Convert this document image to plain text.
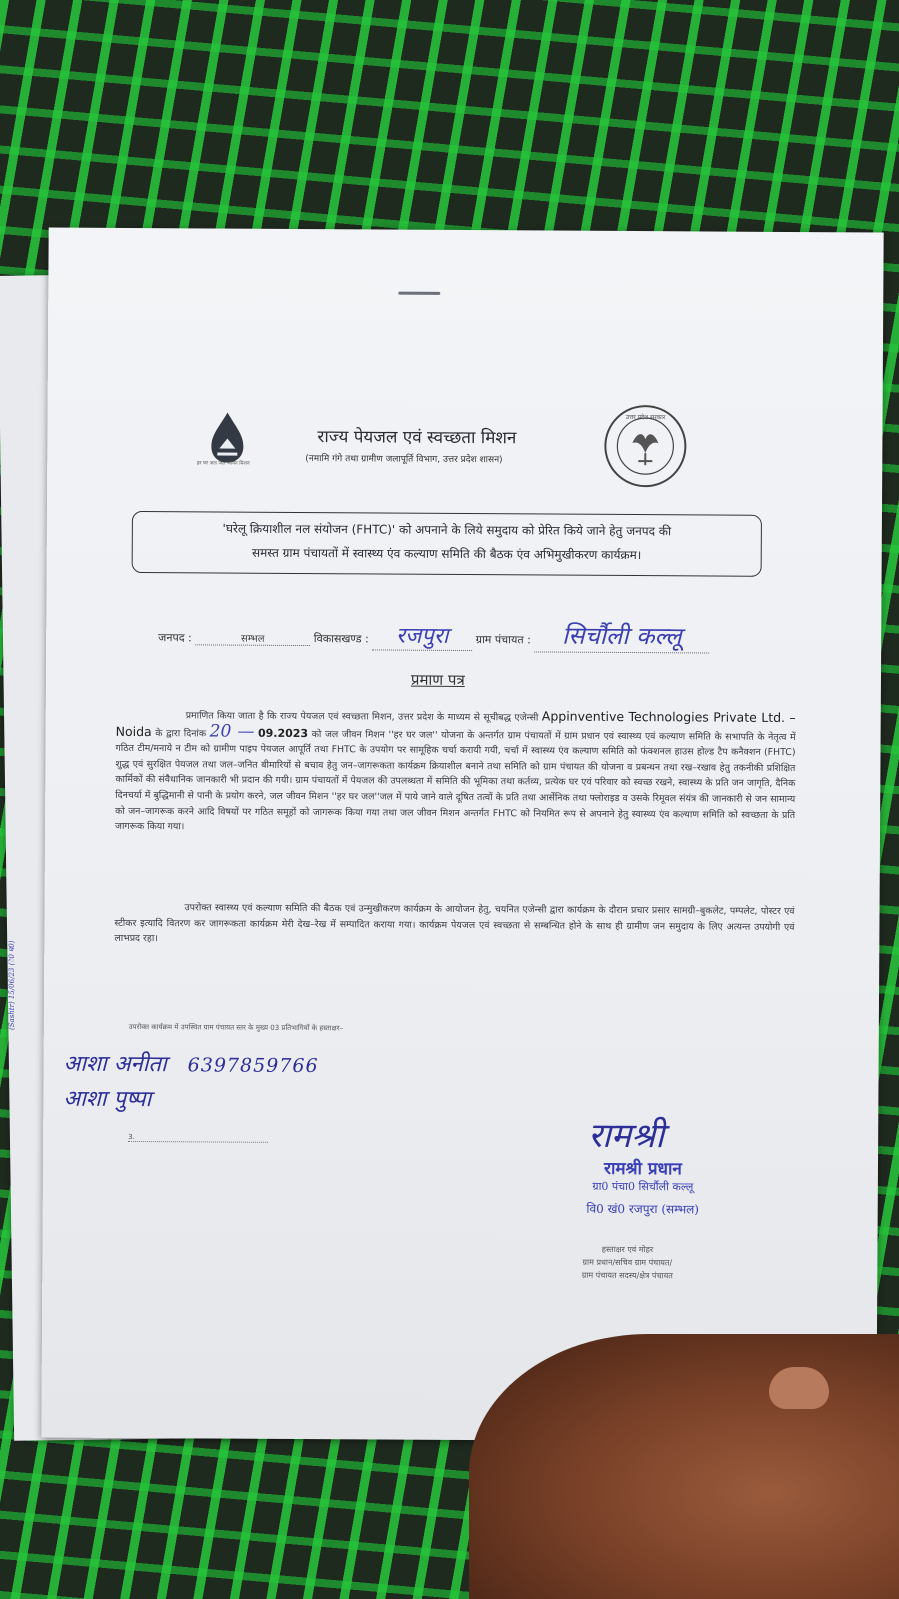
हर घर जल जल जीवन मिशन
राज्य पेयजल एवं स्वच्छता मिशन
(नमामि गंगे तथा ग्रामीण जलापूर्ति विभाग, उत्तर प्रदेश शासन)
उत्तर प्रदेश सरकार
'घरेलू क्रियाशील नल संयोजन (FHTC)' को अपनाने के लिये समुदाय को प्रेरित किये जाने हेतु जनपद की
समस्त ग्राम पंचायतों में स्वास्थ्य एंव कल्याण समिति की बैठक एंव अभिमुखीकरण कार्यक्रम।
जनपद :	सम्भल	विकासखण्ड : रजपुरा ग्राम पंचायत : सिर्चौली कल्लू
प्रमाण पत्र
प्रमाणित किया जाता है कि राज्य पेयजल एवं स्वच्छता मिशन, उत्तर प्रदेश के माध्यम से सूचीबद्ध एजेन्सी Appinventive Technologies Private Ltd. – Noida के द्वारा दिनांक 20 — 09.2023 को जल जीवन मिशन ''हर घर जल'' योजना के अन्तर्गत ग्राम पंचायतों में ग्राम प्रधान एवं स्वास्थ्य एवं कल्याण समिति के सभापति के नेतृत्व में गठित टीम/मनाये न टीम को ग्रामीण पाइप पेयजल आपूर्ति तथा FHTC के उपयोग पर सामूहिक चर्चा करायी गयी, चर्चा में स्वास्थ्य एंव कल्याण समिति को फंक्शनल हाउस होल्ड टैप कनैक्शन (FHTC) शुद्ध एवं सुरक्षित पेयजल तथा जल–जनित बीमारियों से बचाव हेतु जन–जागरूकता कार्यक्रम क्रियाशील बनाने तथा समिति को ग्राम पंचायत की योजना व प्रबन्धन तथा रख–रखाव हेतु तकनीकी प्रशिक्षित कार्मिकों की संवैधानिक जानकारी भी प्रदान की गयी। ग्राम पंचायतों में पेयजल की उपलब्धता में समिति की भूमिका तथा कर्तव्य, प्रत्येक घर एवं परिवार को स्वच्छ रखने, स्वास्थ्य के प्रति जन जागृति, दैनिक दिनचर्या में बुद्धिमानी से पानी के प्रयोग करने, जल जीवन मिशन ''हर घर जल''जल में पाये जाने वाले दूषित तत्वों के प्रति तथा आर्सेनिक तथा फ्लोराइड व उसके रिमूवल संयंत्र की जानकारी से जन सामान्य को जन–जागरूक करने आदि विषयों पर गठित समूहों को जागरूक किया गया तथा जल जीवन मिशन अन्तर्गत FHTC को नियमित रूप से अपनाने हेतु स्वास्थ्य एंव कल्याण समिति को स्वच्छता के प्रति जागरूक किया गया।
उपरोक्त स्वास्थ्य एवं कल्याण समिति की बैठक एवं उन्मुखीकरण कार्यक्रम के आयोजन हेतु, चयनित एजेन्सी द्वारा कार्यक्रम के दौरान प्रचार प्रसार सामग्री–बुकलेट, पम्पलेट, पोस्टर एवं स्टीकर इत्यादि वितरण कर जागरूकता कार्यक्रम मेरी देख–रेख में सम्पादित कराया गया। कार्यक्रम पेयजल एवं स्वच्छता से सम्बन्धित होने के साथ ही ग्रामीण जन समुदाय के लिए अत्यन्त उपयोगी एवं लाभप्रद रहा।
उपरोक्त कार्यक्रम में उपस्थित ग्राम पंचायत स्तर के मुख्य 03 प्रतिभागियों के हस्ताक्षर–
आशा अनीता 6397859766
आशा पुष्पा
3.	रामश्री
रामश्री प्रधान
ग्रा0 पंचा0 सिर्चौली कल्लू
वि0 खं0 रजपुरा (सम्भल)
हस्ताक्षर एवं मोहर
ग्राम प्रधान/सचिव ग्राम पंचायत/
ग्राम पंचायत सदस्य/क्षेत्र पंचायत
(Sashtr) 15/06/23 (ॆ0 घ0)
